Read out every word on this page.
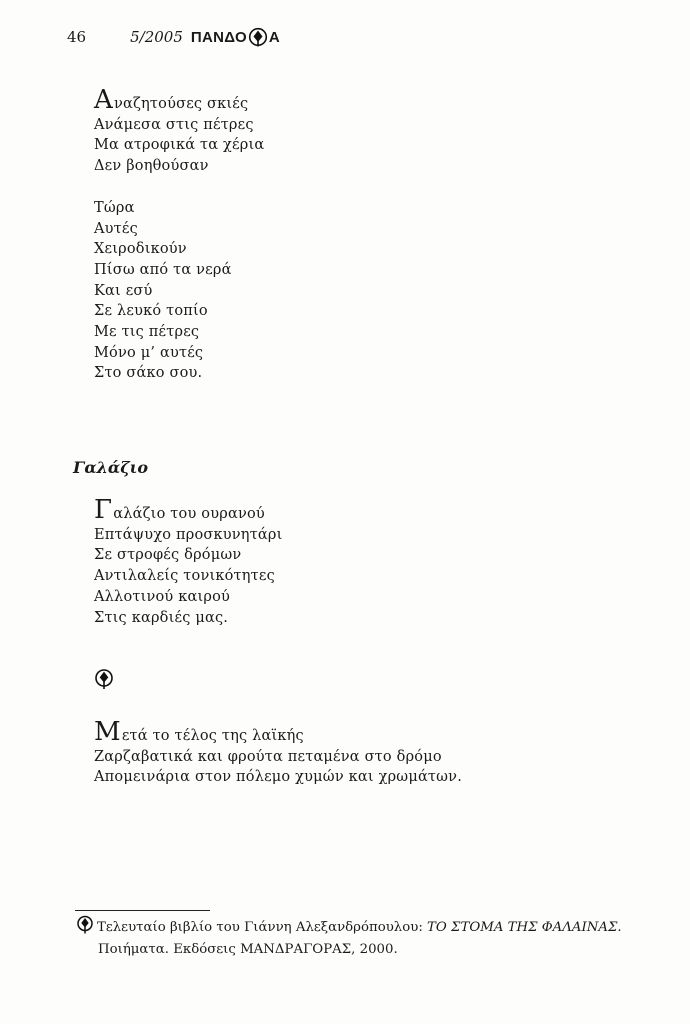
46	5/2005 ΠΑΝΔΟ Α
Αναζητούσες σκιές
Ανάμεσα στις πέτρες
Μα ατροφικά τα χέρια
Δεν βοηθούσαν
Τώρα
Αυτές
Χειροδικούν
Πίσω από τα νερά
Και εσύ
Σε λευκό τοπίο
Με τις πέτρες
Μόνο μ’ αυτές
Στο σάκο σου.
Γαλάζιο
Γαλάζιο του ουρανού
Επτάψυχο προσκυνητάρι
Σε στροφές δρόμων
Αντιλαλείς τονικότητες
Αλλοτινού καιρού
Στις καρδιές μας.
Μετά το τέλος της λαϊκής
Ζαρζαβατικά και φρούτα πεταμένα στο δρόμο
Απομεινάρια στον πόλεμο χυμών και χρωμάτων.
Τελευταίο βιβλίο του Γιάννη Αλεξανδρόπουλου: ΤΟ ΣΤΟΜΑ ΤΗΣ ΦΑΛΑΙΝΑΣ.
Ποιήματα. Εκδόσεις ΜΑΝΔΡΑΓΟΡΑΣ, 2000.
